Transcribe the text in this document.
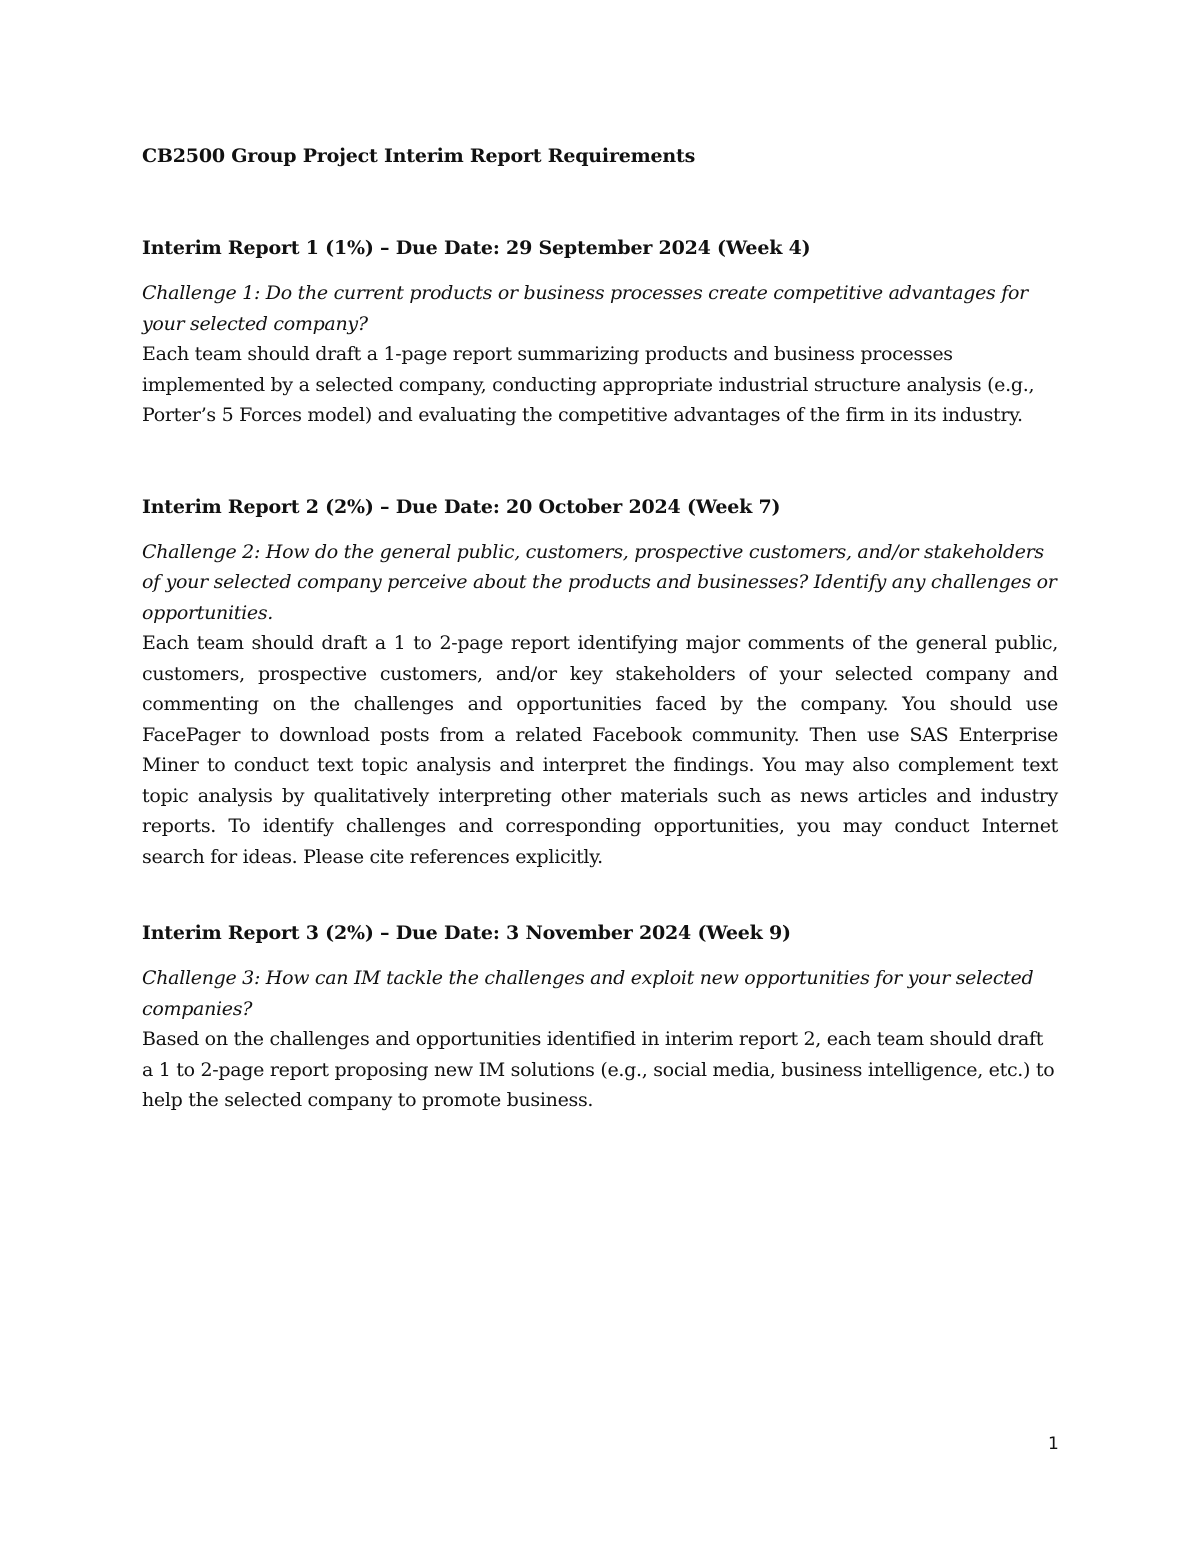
CB2500 Group Project Interim Report Requirements

Interim Report 1 (1%) – Due Date: 29 September 2024 (Week 4)

Challenge 1: Do the current products or business processes create competitive advantages for your selected company?

Each team should draft a 1-page report summarizing products and business processes implemented by a selected company, conducting appropriate industrial structure analysis (e.g., Porter’s 5 Forces model) and evaluating the competitive advantages of the firm in its industry.

Interim Report 2 (2%) – Due Date: 20 October 2024 (Week 7)

Challenge 2: How do the general public, customers, prospective customers, and/or stakeholders of your selected company perceive about the products and businesses? Identify any challenges or opportunities.

Each team should draft a 1 to 2-page report identifying major comments of the general public, customers, prospective customers, and/or key stakeholders of your selected company and commenting on the challenges and opportunities faced by the company. You should use FacePager to download posts from a related Facebook community. Then use SAS Enterprise Miner to conduct text topic analysis and interpret the findings. You may also complement text topic analysis by qualitatively interpreting other materials such as news articles and industry reports. To identify challenges and corresponding opportunities, you may conduct Internet search for ideas. Please cite references explicitly.

Interim Report 3 (2%) – Due Date: 3 November 2024 (Week 9)

Challenge 3: How can IM tackle the challenges and exploit new opportunities for your selected companies?

Based on the challenges and opportunities identified in interim report 2, each team should draft a 1 to 2-page report proposing new IM solutions (e.g., social media, business intelligence, etc.) to help the selected company to promote business.

1
